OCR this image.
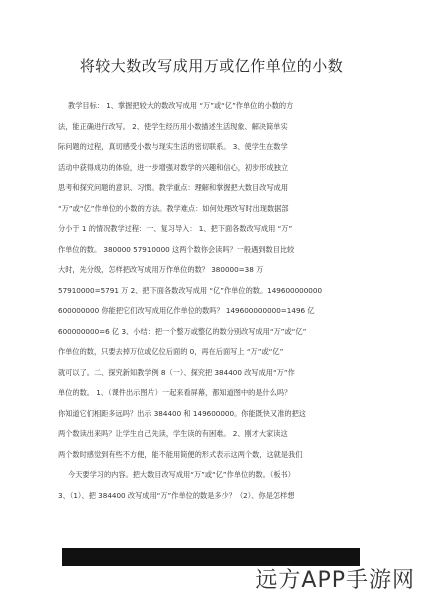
将较大数改写成用万或亿作单位的小数
教学目标： 1、掌握把较大的数改写成用 “万”或“亿”作单位的小数的方
法，能正确进行改写。 2、使学生经历用小数描述生活现象、解决简单实
际问题的过程，真切感受小数与现实生活的密切联系。 3、使学生在数学
活动中获得成功的体验，进一步增强对数学的兴趣和信心，初步形成独立
思考和探究问题的意识、习惯。教学重点：理解和掌握把大数目改写成用
“万”或“亿”作单位的小数的方法。教学难点：如何处理改写时出现数据部
分小于 1 的情况教学过程：一、复习导入： 1、把下面各数改写成用 “万”
作单位的数。 380000 57910000 这两个数你会读吗？一般遇到数目比较
大时，先分级，怎样把改写成用万作单位的数？ 380000=38 万
57910000=5791 万 2、把下面各数改写成用 “亿”作单位的数。149600000000
600000000 你能把它们改写成用亿作单位的数吗？ 149600000000=1496 亿
600000000=6 亿 3、小结：把一个整万或整亿的数分别改写成用“万”或“亿”
作单位的数，只要去掉万位或亿位后面的 0，再在后面写上 “万”或“亿”
就可以了。二、探究新知教学例 8（一）、探究把 384400 改写成用“万”作
单位的数。 1、（课件出示图片）一起来看屏幕，都知道图中的是什么吗？
你知道它们相距多远吗？出示 384400 和 149600000。你能既快又准的把这
两个数读出来吗？让学生自己先读，学生读的有困难。 2、刚才大家读这
两个数时感觉到有些不方便，能不能用简便的形式表示这两个数，这就是我们
今天要学习的内容。把大数目改写成用“万”或“亿”作单位的数。（板书）
3、（1）、把 384400 改写成用“万”作单位的数是多少？（2）、你是怎样想
远方APP手游网
